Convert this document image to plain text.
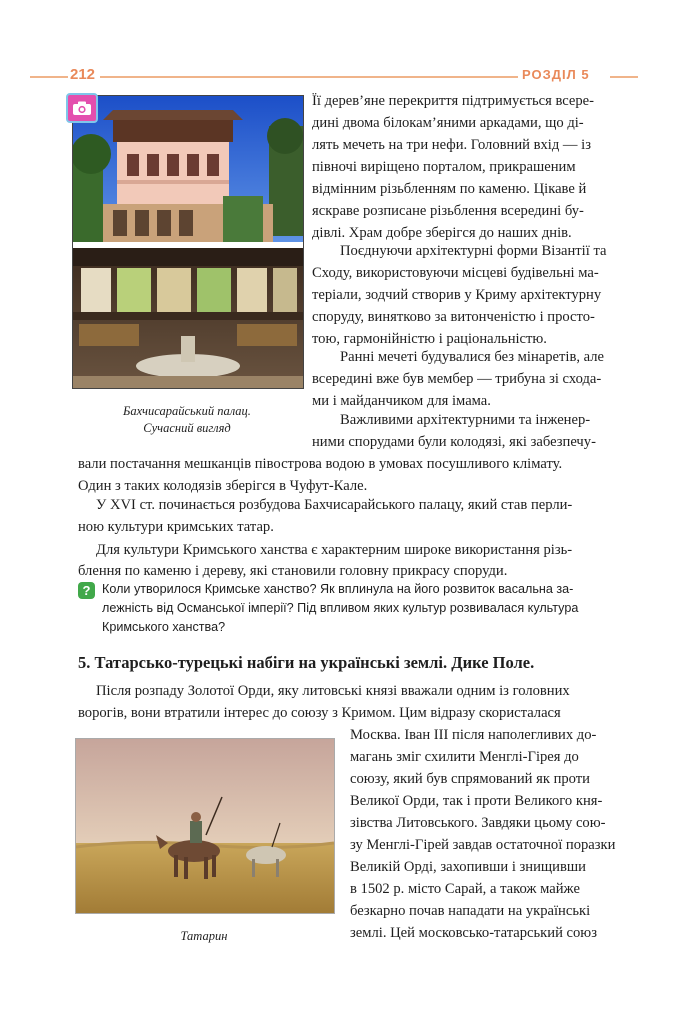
212	РОЗДІЛ 5
Бахчисарайський палац.
Сучасний вигляд
Її дерев’яне перекриття підтримується всере-
дині двома білокам’яними аркадами, що ді-
лять мечеть на три нефи. Головний вхід — із
півночі виріщено порталом, прикрашеним
відмінним різьбленням по каменю. Цікаве й
яскраве розписане різьблення всередині бу-
дівлі. Храм добре зберігся до наших днів.
Поєднуючи архітектурні форми Візантії та
Сходу, використовуючи місцеві будівельні ма-
теріали, зодчий створив у Криму архітектурну
споруду, винятково за витонченістю і просто-
тою, гармонійністю і раціональністю.
Ранні мечеті будувалися без мінаретів, але
всередині вже був мембер — трибуна зі схода-
ми і майданчиком для імама.
Важливими архітектурними та інженер-
ними спорудами були колодязі, які забезпечу-
вали постачання мешканців півострова водою в умовах посушливого клімату.
Один з таких колодязів зберігся в Чуфут-Кале.
У XVI ст. починається розбудова Бахчисарайського палацу, який став перли-
ною культури кримських татар.
Для культури Кримського ханства є характерним широке використання різь-
блення по каменю і дереву, які становили головну прикрасу споруди.
? Коли утворилося Кримське ханство? Як вплинула на його розвиток васальна за-
лежність від Османської імперії? Під впливом яких культур розвивалася культура
Кримського ханства?
5. Татарсько-турецькі набіги на українські землі. Дике Поле.
Після розпаду Золотої Орди, яку литовські князі вважали одним із головних
ворогів, вони втратили інтерес до союзу з Кримом. Цим відразу скористалася
Татарин
Москва. Іван III після наполегливих до-
магань зміг схилити Менглі-Гірея до
союзу, який був спрямований як проти
Великої Орди, так і проти Великого кня-
зівства Литовського. Завдяки цьому сою-
зу Менглі-Гірей завдав остаточної поразки
Великій Орді, захопивши і знищивши
в 1502 р. місто Сарай, а також майже
безкарно почав нападати на українські
землі. Цей московсько-татарський союз
